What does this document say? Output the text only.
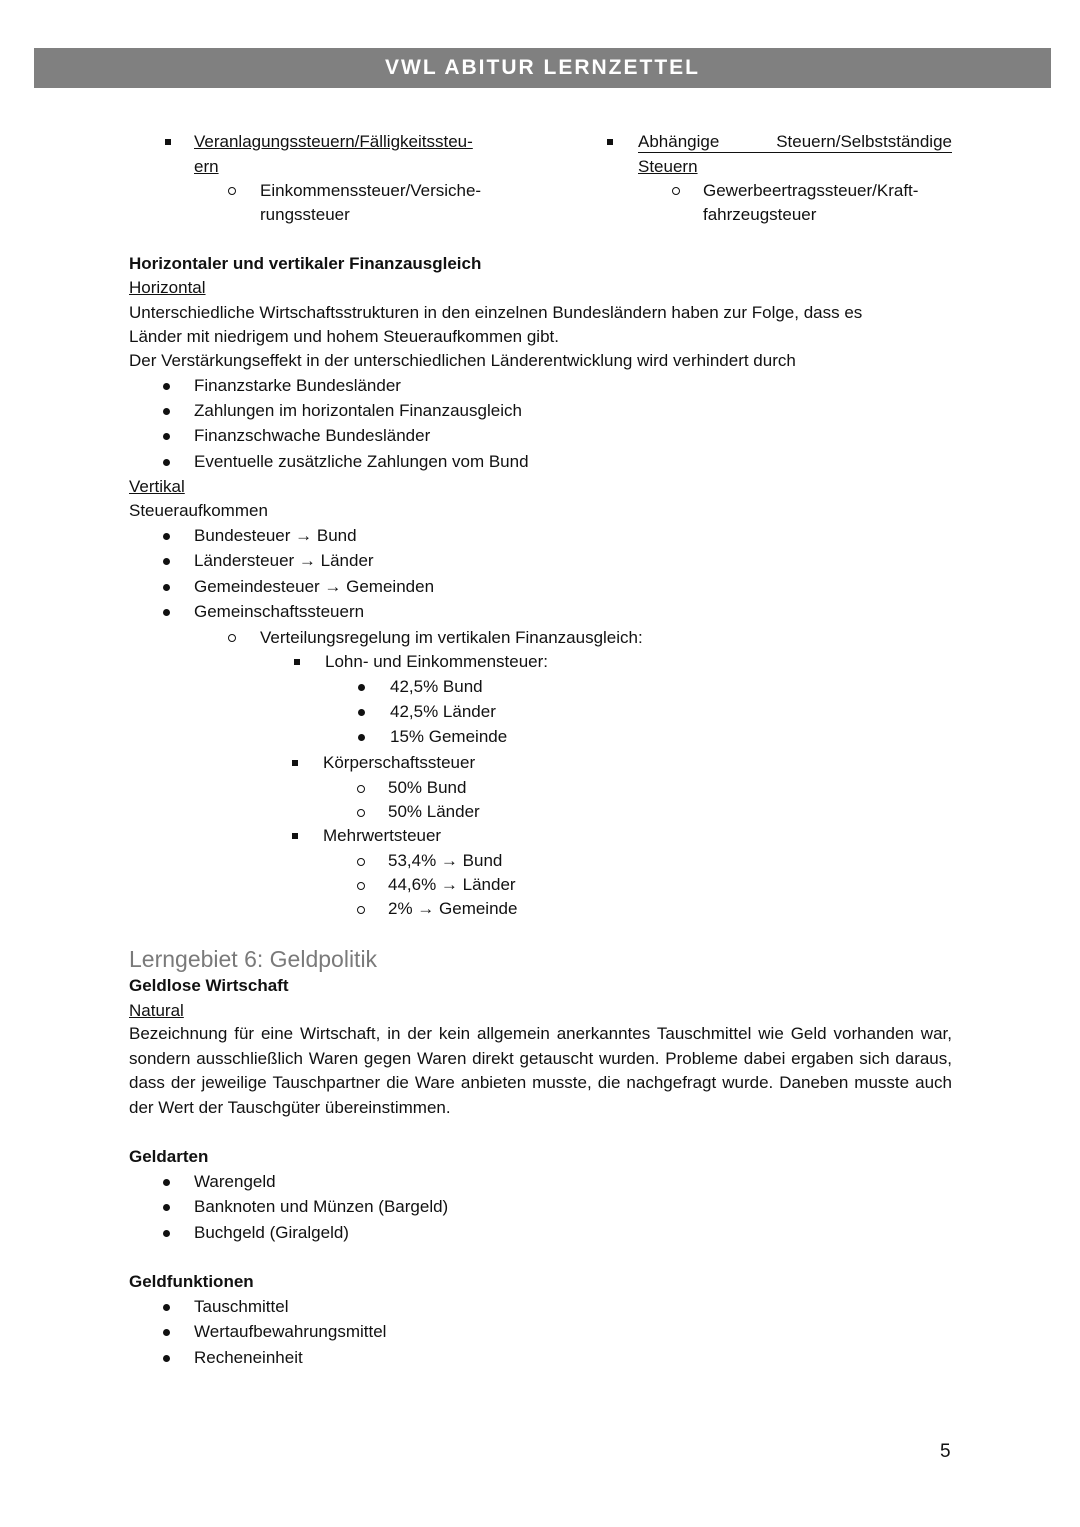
VWL ABITUR LERNZETTEL
Veranlagungssteuern/Fälligkeitssteu-
ern
Einkommenssteuer/Versiche-
rungssteuer
Abhängige	Steuern/Selbstständige
Steuern
Gewerbeertragssteuer/Kraft-
fahrzeugsteuer
Horizontaler und vertikaler Finanzausgleich
Horizontal
Unterschiedliche Wirtschaftsstrukturen in den einzelnen Bundesländern haben zur Folge, dass es
Länder mit niedrigem und hohem Steueraufkommen gibt.
Der Verstärkungseffekt in der unterschiedlichen Länderentwicklung wird verhindert durch
Finanzstarke Bundesländer
Zahlungen im horizontalen Finanzausgleich
Finanzschwache Bundesländer
Eventuelle zusätzliche Zahlungen vom Bund
Vertikal
Steueraufkommen
Bundesteuer → Bund
Ländersteuer → Länder
Gemeindesteuer → Gemeinden
Gemeinschaftssteuern
Verteilungsregelung im vertikalen Finanzausgleich:
Lohn- und Einkommensteuer:
42,5% Bund
42,5% Länder
15% Gemeinde
Körperschaftssteuer
50% Bund
50% Länder
Mehrwertsteuer
53,4% → Bund
44,6% → Länder
2% → Gemeinde
Lerngebiet 6: Geldpolitik
Geldlose Wirtschaft
Natural
Bezeichnung für eine Wirtschaft, in der kein allgemein anerkanntes Tauschmittel wie Geld vorhanden war, sondern ausschließlich Waren gegen Waren direkt getauscht wurden. Probleme dabei ergaben sich daraus, dass der jeweilige Tauschpartner die Ware anbieten musste, die nachgefragt wurde. Daneben musste auch der Wert der Tauschgüter übereinstimmen.
Geldarten
Warengeld
Banknoten und Münzen (Bargeld)
Buchgeld (Giralgeld)
Geldfunktionen
Tauschmittel
Wertaufbewahrungsmittel
Recheneinheit
5
